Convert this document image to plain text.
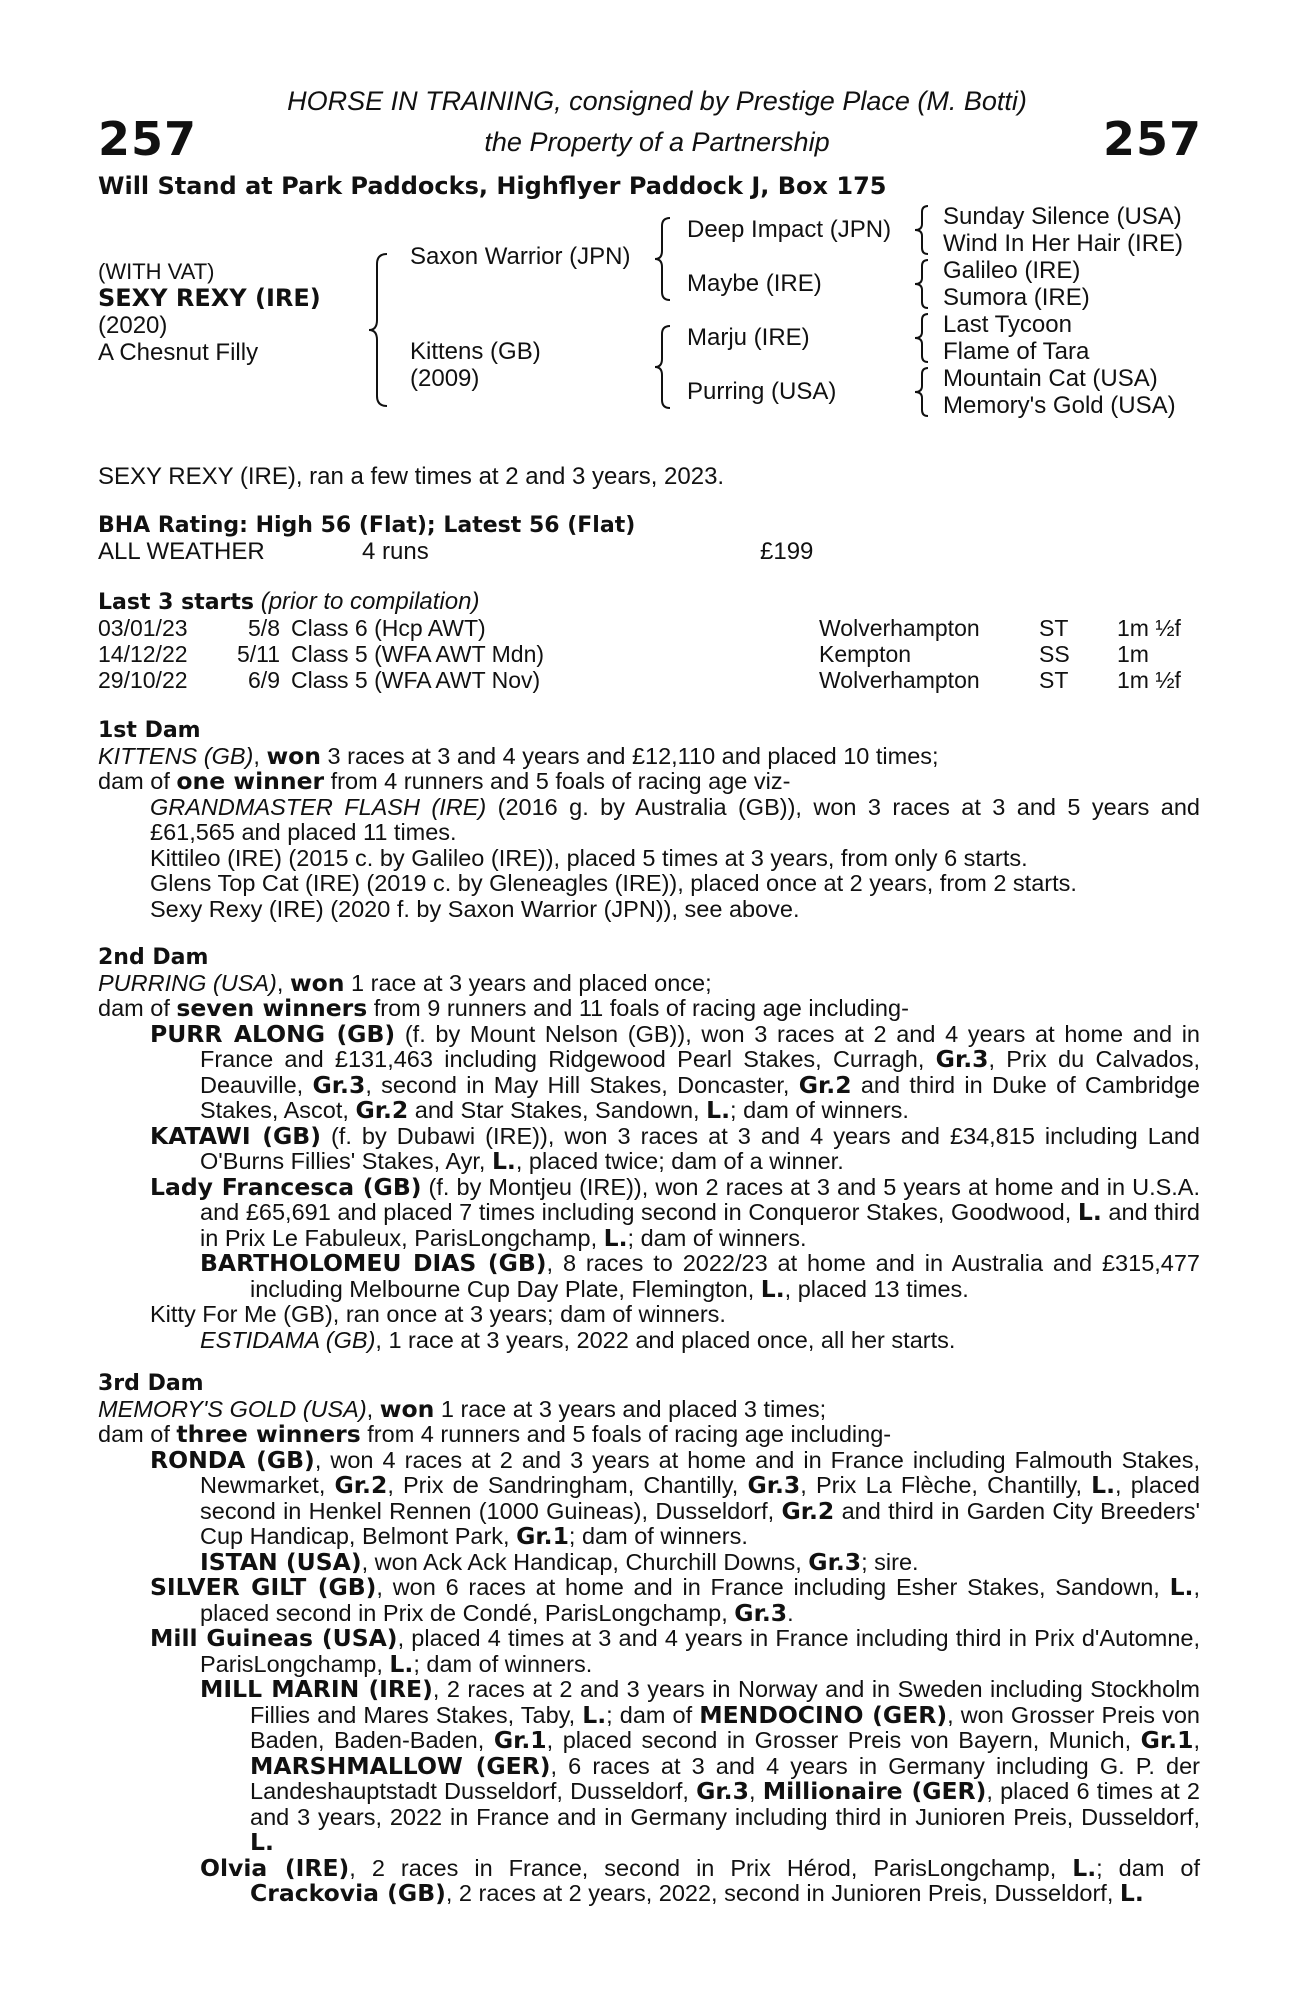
257	257
HORSE IN TRAINING, consigned by Prestige Place (M. Botti)
the Property of a Partnership
Will Stand at Park Paddocks, Highflyer Paddock J, Box 175
(WITH VAT)
SEXY REXY (IRE)
(2020)
A Chesnut Filly
Saxon Warrior (JPN)
Kittens (GB)
(2009)
Deep Impact (JPN)
Maybe (IRE)
Marju (IRE)
Purring (USA)
Sunday Silence (USA)
Wind In Her Hair (IRE)
Galileo (IRE)
Sumora (IRE)
Last Tycoon
Flame of Tara
Mountain Cat (USA)
Memory's Gold (USA)
SEXY REXY (IRE), ran a few times at 2 and 3 years, 2023.
BHA Rating: High 56 (Flat); Latest 56 (Flat)
ALL WEATHER	4 runs	£199
Last 3 starts (prior to compilation)
03/01/23	5/8 Class 6 (Hcp AWT)	Wolverhampton	ST 1m ½f
14/12/22 5/11 Class 5 (WFA AWT Mdn)	Kempton	SS 1m
29/10/22	6/9 Class 5 (WFA AWT Nov)	Wolverhampton	ST 1m ½f
1st Dam
KITTENS (GB), won 3 races at 3 and 4 years and £12,110 and placed 10 times;
dam of one winner from 4 runners and 5 foals of racing age viz-

GRANDMASTER FLASH (IRE) (2016 g. by Australia (GB)), won 3 races at 3 and 5 years and £61,565 and placed 11 times.

Kittileo (IRE) (2015 c. by Galileo (IRE)), placed 5 times at 3 years, from only 6 starts.
Glens Top Cat (IRE) (2019 c. by Gleneagles (IRE)), placed once at 2 years, from 2 starts.
Sexy Rexy (IRE) (2020 f. by Saxon Warrior (JPN)), see above.
2nd Dam
PURRING (USA), won 1 race at 3 years and placed once;
dam of seven winners from 9 runners and 11 foals of racing age including-

PURR ALONG (GB) (f. by Mount Nelson (GB)), won 3 races at 2 and 4 years at home and in France and £131,463 including Ridgewood Pearl Stakes, Curragh, Gr.3, Prix du Calvados, Deauville, Gr.3, second in May Hill Stakes, Doncaster, Gr.2 and third in Duke of Cambridge Stakes, Ascot, Gr.2 and Star Stakes, Sandown, L.; dam of winners.

KATAWI (GB) (f. by Dubawi (IRE)), won 3 races at 3 and 4 years and £34,815 including Land O'Burns Fillies' Stakes, Ayr, L., placed twice; dam of a winner.

Lady Francesca (GB) (f. by Montjeu (IRE)), won 2 races at 3 and 5 years at home and in U.S.A. and £65,691 and placed 7 times including second in Conqueror Stakes, Goodwood, L. and third in Prix Le Fabuleux, ParisLongchamp, L.; dam of winners.

BARTHOLOMEU DIAS (GB), 8 races to 2022/23 at home and in Australia and £315,477 including Melbourne Cup Day Plate, Flemington, L., placed 13 times.

Kitty For Me (GB), ran once at 3 years; dam of winners.
ESTIDAMA (GB), 1 race at 3 years, 2022 and placed once, all her starts.
3rd Dam
MEMORY'S GOLD (USA), won 1 race at 3 years and placed 3 times;
dam of three winners from 4 runners and 5 foals of racing age including-

RONDA (GB), won 4 races at 2 and 3 years at home and in France including Falmouth Stakes, Newmarket, Gr.2, Prix de Sandringham, Chantilly, Gr.3, Prix La Flèche, Chantilly, L., placed second in Henkel Rennen (1000 Guineas), Dusseldorf, Gr.2 and third in Garden City Breeders' Cup Handicap, Belmont Park, Gr.1; dam of winners.

ISTAN (USA), won Ack Ack Handicap, Churchill Downs, Gr.3; sire.

SILVER GILT (GB), won 6 races at home and in France including Esher Stakes, Sandown, L., placed second in Prix de Condé, ParisLongchamp, Gr.3.

Mill Guineas (USA), placed 4 times at 3 and 4 years in France including third in Prix d'Automne, ParisLongchamp, L.; dam of winners.

MILL MARIN (IRE), 2 races at 2 and 3 years in Norway and in Sweden including Stockholm Fillies and Mares Stakes, Taby, L.; dam of MENDOCINO (GER), won Grosser Preis von Baden, Baden-Baden, Gr.1, placed second in Grosser Preis von Bayern, Munich, Gr.1, MARSHMALLOW (GER), 6 races at 3 and 4 years in Germany including G. P. der Landeshauptstadt Dusseldorf, Dusseldorf, Gr.3, Millionaire (GER), placed 6 times at 2 and 3 years, 2022 in France and in Germany including third in Junioren Preis, Dusseldorf, L.

Olvia (IRE), 2 races in France, second in Prix Hérod, ParisLongchamp, L.; dam of Crackovia (GB), 2 races at 2 years, 2022, second in Junioren Preis, Dusseldorf, L.
